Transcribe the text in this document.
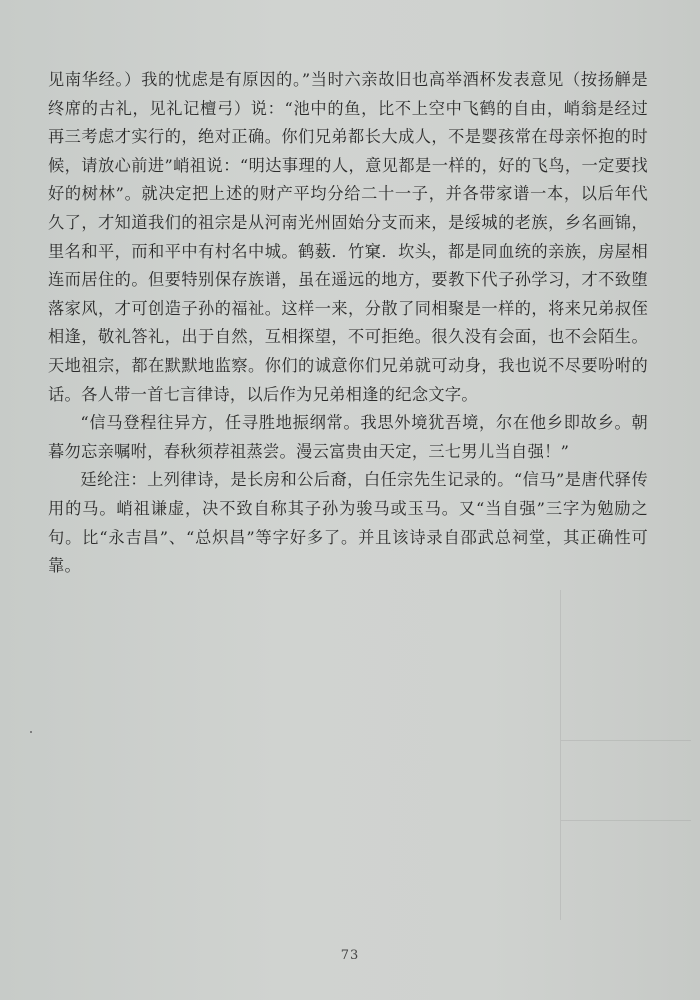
见南华经。）我的忧虑是有原因的。”当时六亲故旧也高举酒杯发表意见（按扬觯是终席的古礼，见礼记檀弓）说：“池中的鱼，比不上空中飞鹤的自由，峭翁是经过再三考虑才实行的，绝对正确。你们兄弟都长大成人，不是婴孩常在母亲怀抱的时候，请放心前进”峭祖说：“明达事理的人，意见都是一样的，好的飞鸟，一定要找好的树林”。就决定把上述的财产平均分给二十一子，并各带家谱一本，以后年代久了，才知道我们的祖宗是从河南光州固始分支而来，是绥城的老族，乡名画锦，里名和平，而和平中有村名中城。鹤薮．竹窠．坎头，都是同血统的亲族，房屋相连而居住的。但要特别保存族谱，虽在遥远的地方，要教下代子孙学习，才不致堕落家风，才可创造子孙的福祉。这样一来，分散了同相聚是一样的，将来兄弟叔侄相逢，敬礼答礼，出于自然，互相探望，不可拒绝。很久没有会面，也不会陌生。天地祖宗，都在默默地监察。你们的诚意你们兄弟就可动身，我也说不尽要吩咐的话。各人带一首七言律诗，以后作为兄弟相逢的纪念文字。

“信马登程往异方，任寻胜地振纲常。我思外境犹吾境，尔在他乡即故乡。朝暮勿忘亲嘱咐，春秋须荐祖蒸尝。漫云富贵由天定，三七男儿当自强！”

廷纶注：上列律诗，是长房和公后裔，白任宗先生记录的。“信马”是唐代驿传用的马。峭祖谦虚，决不致自称其子孙为骏马或玉马。又“当自强”三字为勉励之句。比“永吉昌”、“总炽昌”等字好多了。并且该诗录自邵武总祠堂，其正确性可靠。

73
